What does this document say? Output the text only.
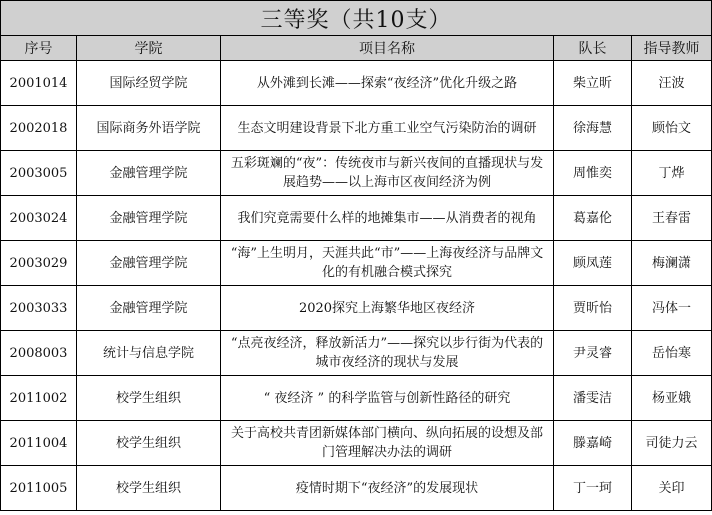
三等奖（共10支）				
序号	学院	项目名称	队长	指导教师
2001014	国际经贸学院	从外滩到长滩——探索“夜经济”优化升级之路	柴立昕	汪波
2002018	国际商务外语学院	生态文明建设背景下北方重工业空气污染防治的调研	徐海慧	顾怡文
2003005	金融管理学院	五彩斑斓的“夜”：传统夜市与新兴夜间的直播现状与发展趋势——以上海市区夜间经济为例	周惟奕	丁烨
2003024	金融管理学院	我们究竟需要什么样的地摊集市——从消费者的视角	葛嘉伦	王春雷
2003029	金融管理学院	“海”上生明月，天涯共此“市”——上海夜经济与品牌文化的有机融合模式探究	顾凤莲	梅澜潇
2003033	金融管理学院	2020探究上海繁华地区夜经济	贾昕怡	冯体一
2008003	统计与信息学院	“点亮夜经济，释放新活力”——探究以步行街为代表的城市夜经济的现状与发展	尹灵睿	岳怡寒
2011002	校学生组织	“ 夜经济 ” 的科学监管与创新性路径的研究	潘雯洁	杨亚娥
2011004	校学生组织	关于高校共青团新媒体部门横向、纵向拓展的设想及部门管理解决办法的调研	滕嘉崎	司徒力云
2011005	校学生组织	疫情时期下“夜经济”的发展现状	丁一珂	关印
